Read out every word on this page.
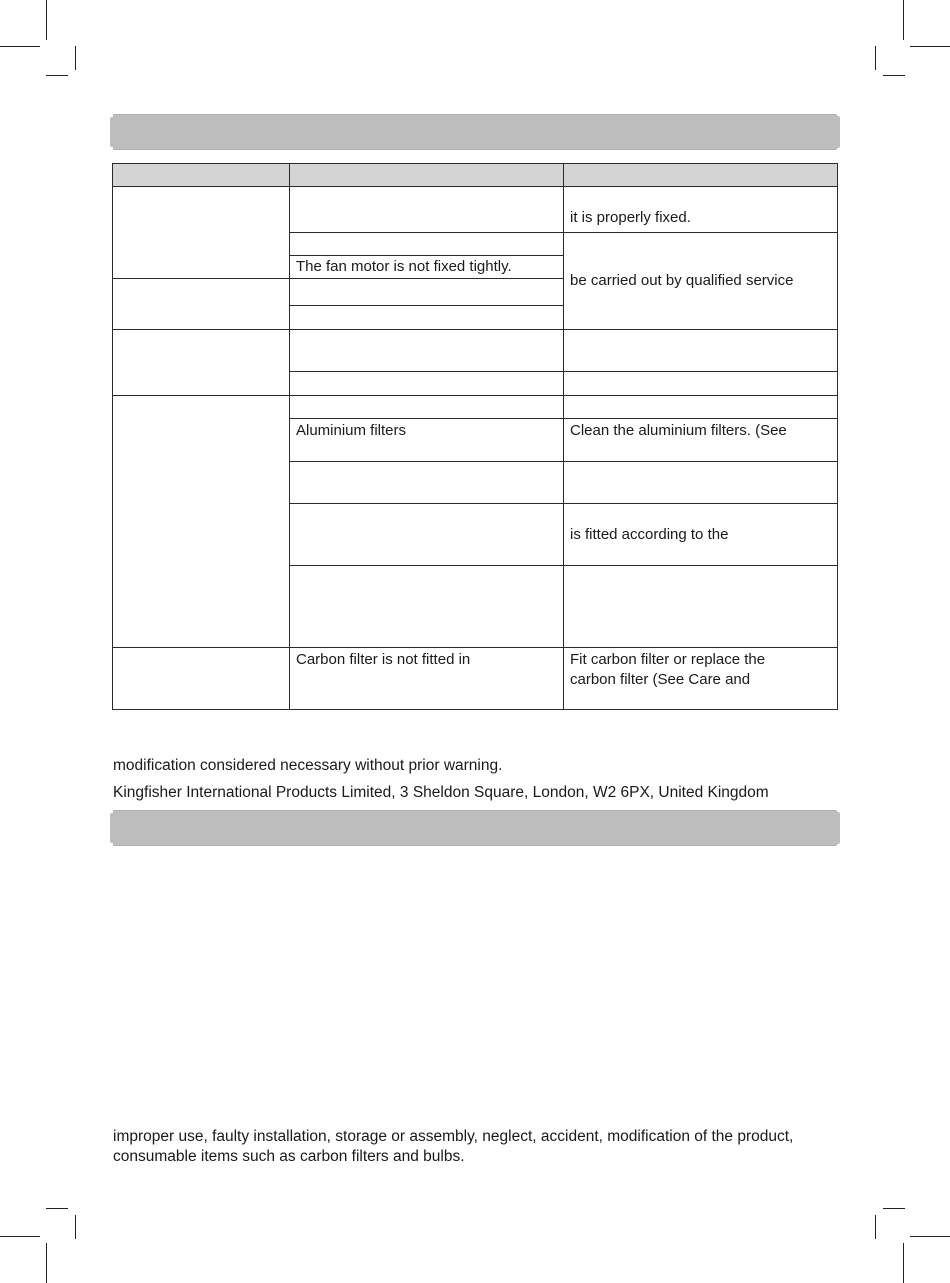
The fan motor is not fixed tightly.
Aluminium filters
Carbon filter is not fitted in
it is properly fixed.
be carried out by qualified service
Clean the aluminium filters. (See
is fitted according to the
Fit carbon filter or replace the
carbon filter (See Care and
modification considered necessary without prior warning.
Kingfisher International Products Limited, 3 Sheldon Square, London, W2 6PX, United Kingdom
improper use, faulty installation, storage or assembly, neglect, accident, modification of the product,
consumable items such as carbon filters and bulbs.
